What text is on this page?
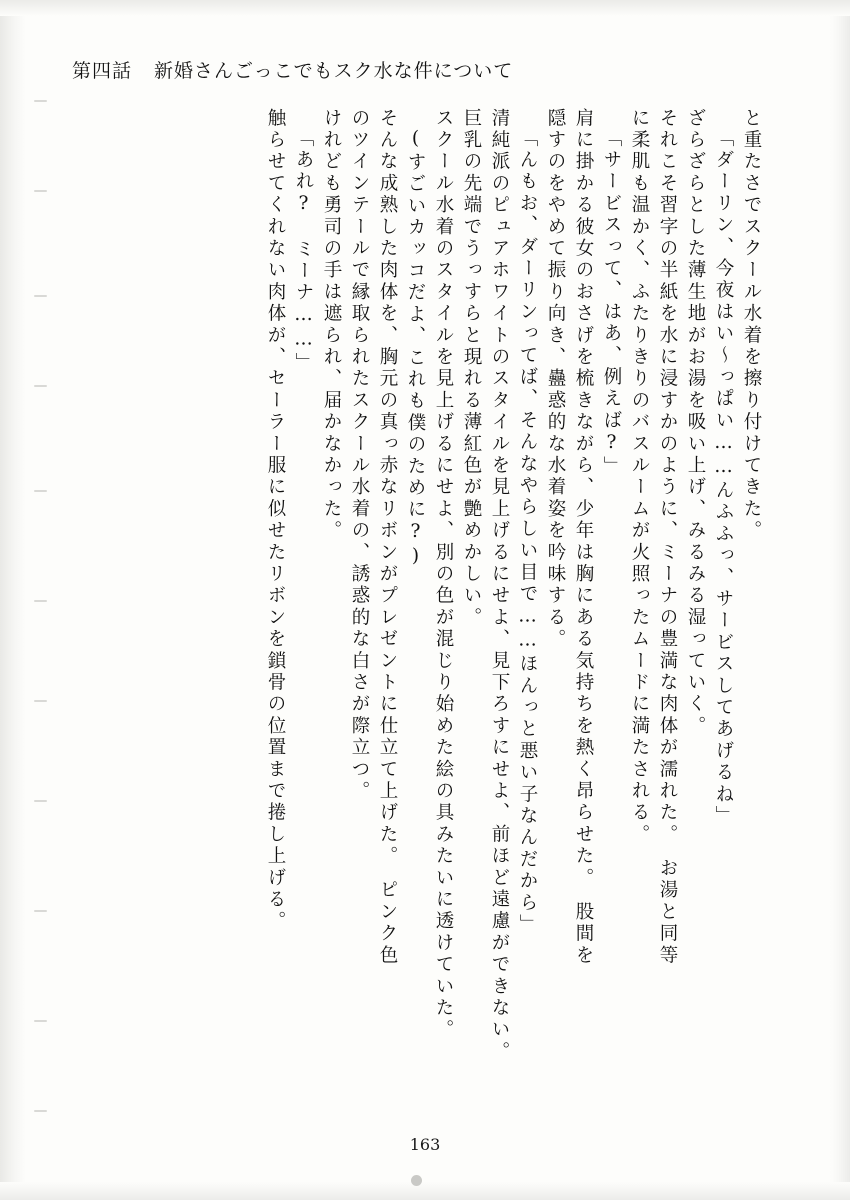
第四話 新婚さんごっこでもスク水な件について
と重たさでスクール水着を擦り付けてきた。
「ダーリン、今夜はい〜っぱい……んふふっ、サービスしてあげるね」
ざらざらとした薄生地がお湯を吸い上げ、みるみる湿っていく。
それこそ習字の半紙を水に浸すかのように、ミーナの豊満な肉体が濡れた。　お湯と同等
に柔肌も温かく、ふたりきりのバスルームが火照ったムードに満たされる。
「サービスって、はあ、例えば?」
肩に掛かる彼女のおさげを梳きながら、少年は胸にある気持ちを熱く昂らせた。　股間を
隠すのをやめて振り向き、蠱惑的な水着姿を吟味する。
「んもお、ダーリンってば、そんなやらしい目で……ほんっと悪い子なんだから」
清純派のピュアホワイトのスタイルを見上げるにせよ、見下ろすにせよ、前ほど遠慮ができない。
巨乳の先端でうっすらと現れる薄紅色が艶めかしい。
スクール水着のスタイルを見上げるにせよ、別の色が混じり始めた絵の具みたいに透けていた。
(すごいカッコだよ、これも僕のために?)
そんな成熟した肉体を、胸元の真っ赤なリボンがプレゼントに仕立て上げた。　ピンク色
のツインテールで縁取られたスクール水着の、誘惑的な白さが際立つ。
けれども勇司の手は遮られ、届かなかった。
「あれ?　ミーナ……」
触らせてくれない肉体が、セーラー服に似せたリボンを鎖骨の位置まで捲し上げる。
163
